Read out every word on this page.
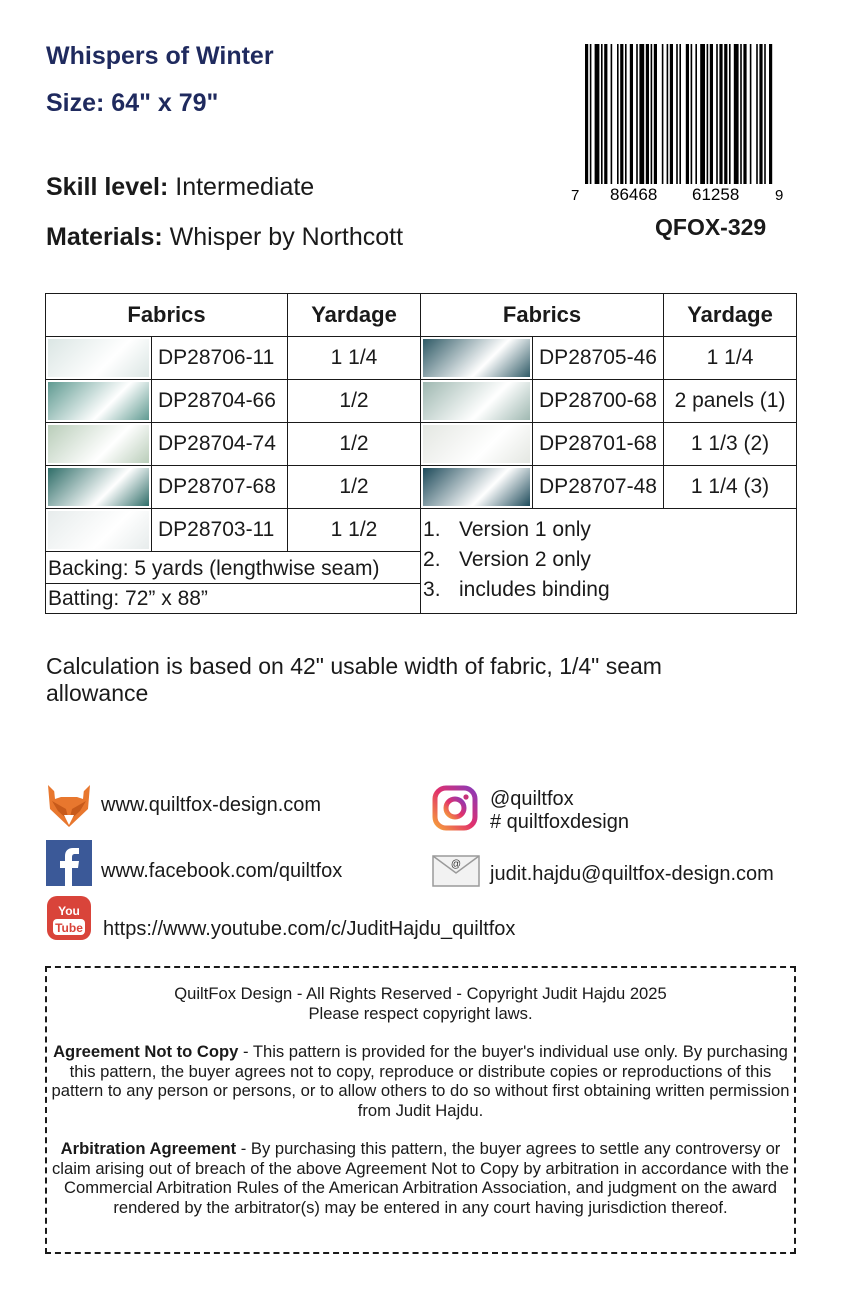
Whispers of Winter
Size: 64" x 79"
Skill level: Intermediate
Materials: Whisper by Northcott
7 86468 61258 9
QFOX-329
Fabrics		Yardage	Fabrics		Yardage

	DP28706-11	1 1/4		DP28705-46	1 1/4

	DP28704-66	1/2		DP28700-68	2 panels (1)

	DP28704-74	1/2		DP28701-68	1 1/3 (2)

	DP28707-68	1/2		DP28707-48	1 1/4 (3)

	DP28703-11	1 1/2	1. Version 1 only
2. Version 2 only
3. includes binding		

Backing: 5 yards (lengthwise seam)
Batting: 72” x 88”					
Calculation is based on 42" usable width of fabric, 1/4" seam allowance
www.quiltfox-design.com
www.facebook.com/quiltfox
You
Tube https://www.youtube.com/c/JuditHajdu_quiltfox
@quiltfox
# quiltfoxdesign
@ judit.hajdu@quiltfox-design.com
QuiltFox Design - All Rights Reserved - Copyright Judit Hajdu 2025

Please respect copyright laws.

Agreement Not to Copy - This pattern is provided for the buyer's individual use only. By purchasing this pattern, the buyer agrees not to copy, reproduce or distribute copies or reproductions of this pattern to any person or persons, or to allow others to do so without first obtaining written permission from Judit Hajdu.

Arbitration Agreement - By purchasing this pattern, the buyer agrees to settle any controversy or claim arising out of breach of the above Agreement Not to Copy by arbitration in accordance with the Commercial Arbitration Rules of the American Arbitration Association, and judgment on the award rendered by the arbitrator(s) may be entered in any court having jurisdiction thereof.
